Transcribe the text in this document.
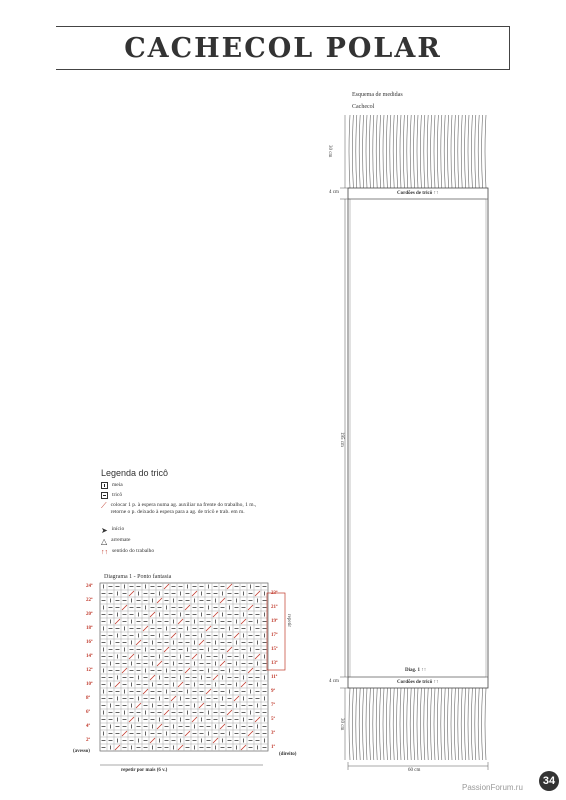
CACHECOL POLAR
Esquema de medidas
Cachecol
30 cm
4 cm	Cordões de tricô ↑↑
195 cm
Diag. 1 ↑↑
4 cm	Cordões de tricô ↑↑
30 cm
60 cm
Legenda do tricô
meia
tricô
⟋ colocar 1 p. à espera numa ag. auxiliar na frente do trabalho, 1 m., retorne o p. deixado à espera para a ag. de tricô e trab. em m.
➤ início
△ arremate
↑↑ sentido do trabalho
Diagrama 1 - Ponto fantasia
24ª
22ª
20ª
18ª
16ª
14ª
12ª
10ª
8ª
6ª
4ª
2ª
23ª
21ª
19ª
17ª
15ª
13ª
11ª
9ª
7ª
5ª
3ª
1ª
(avesso)
(direito)
repetir por mais (6 v.)
repetir
34
PassionForum.ru
